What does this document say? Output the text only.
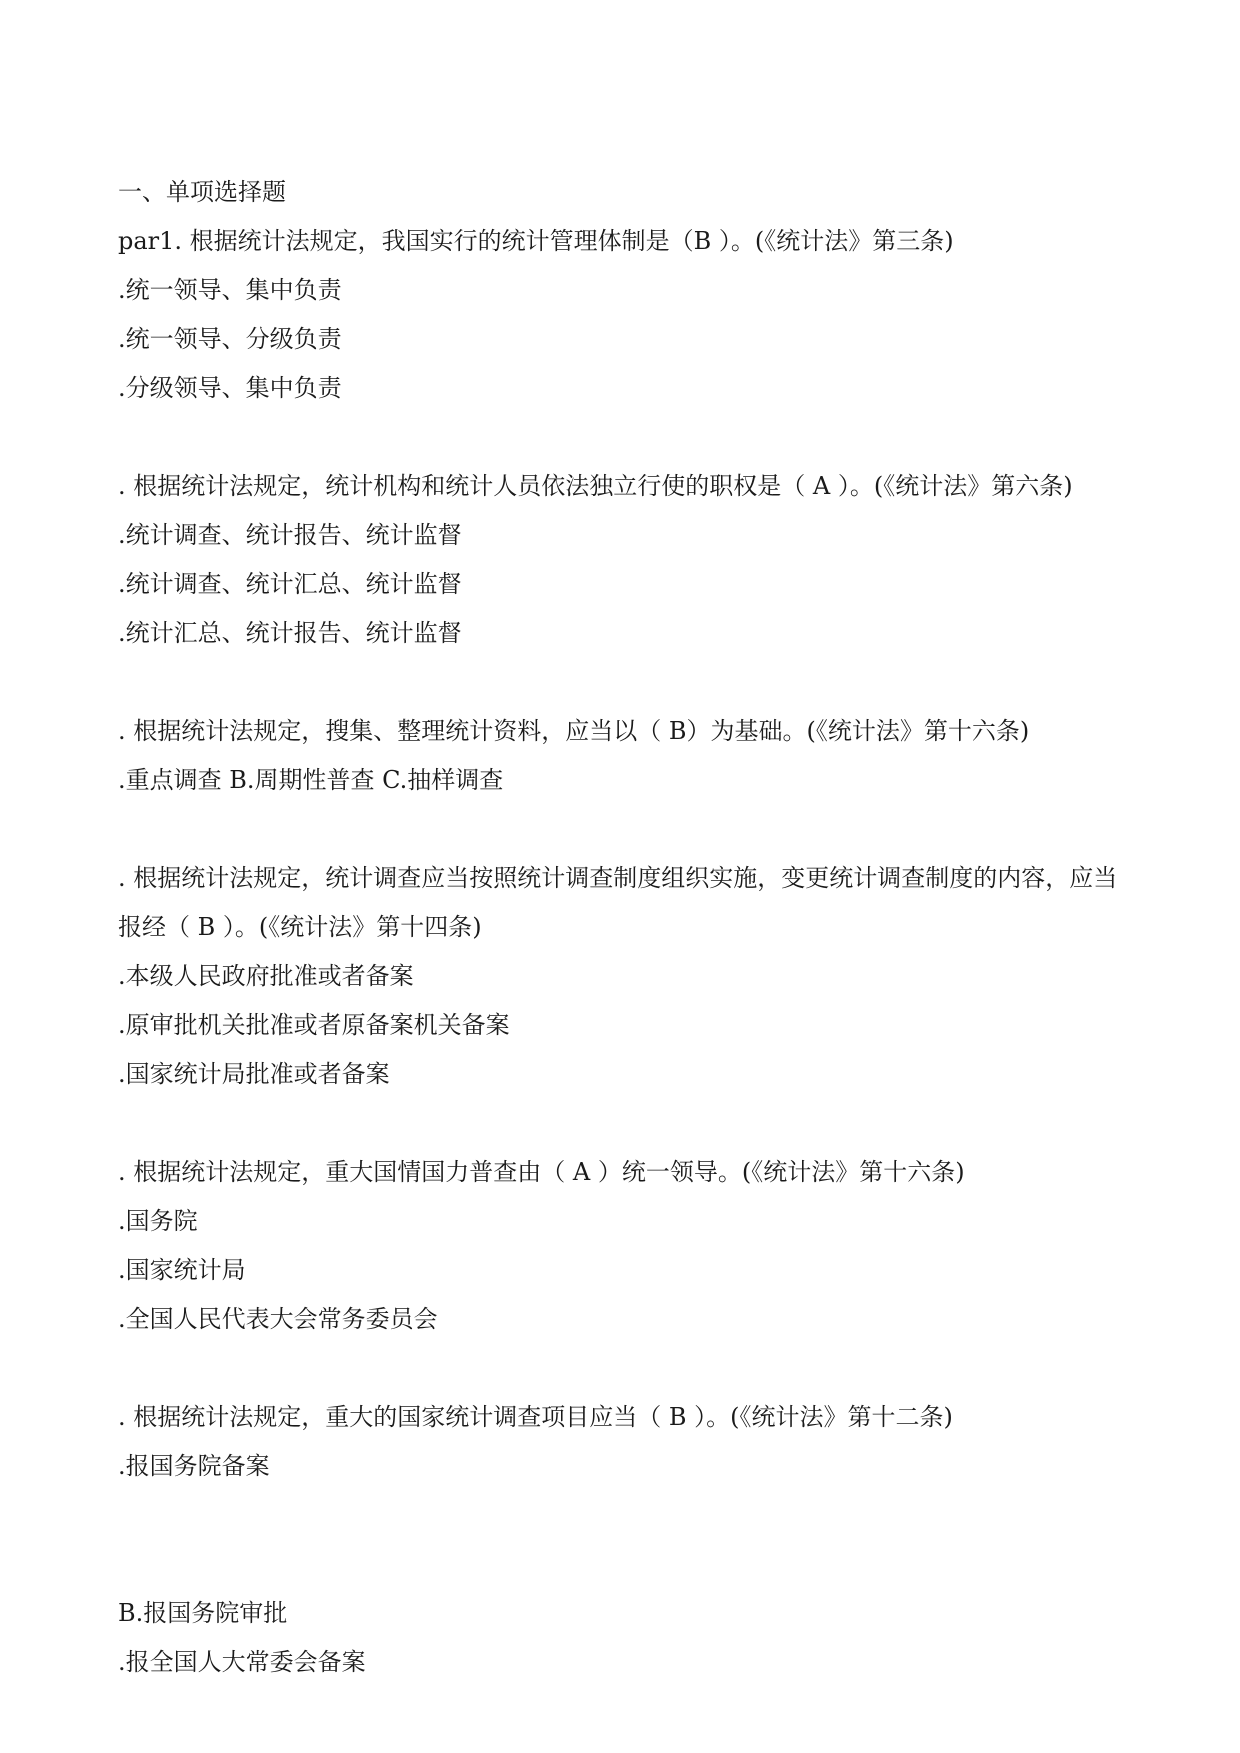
一、单项选择题
par1. 根据统计法规定，我国实行的统计管理体制是（B ）。(《统计法》第三条)
.统一领导、集中负责
.统一领导、分级负责
.分级领导、集中负责
. 根据统计法规定，统计机构和统计人员依法独立行使的职权是（ A ）。(《统计法》第六条)
.统计调查、统计报告、统计监督
.统计调查、统计汇总、统计监督
.统计汇总、统计报告、统计监督
. 根据统计法规定，搜集、整理统计资料，应当以（ B）为基础。(《统计法》第十六条)
.重点调查 B.周期性普查 C.抽样调查
. 根据统计法规定，统计调查应当按照统计调查制度组织实施，变更统计调查制度的内容，应当报经（ B ）。(《统计法》第十四条)
.本级人民政府批准或者备案
.原审批机关批准或者原备案机关备案
.国家统计局批准或者备案
. 根据统计法规定，重大国情国力普查由（ A ）统一领导。(《统计法》第十六条)
.国务院
.国家统计局
.全国人民代表大会常务委员会
. 根据统计法规定，重大的国家统计调查项目应当（ B ）。(《统计法》第十二条)
.报国务院备案
B.报国务院审批
.报全国人大常委会备案
